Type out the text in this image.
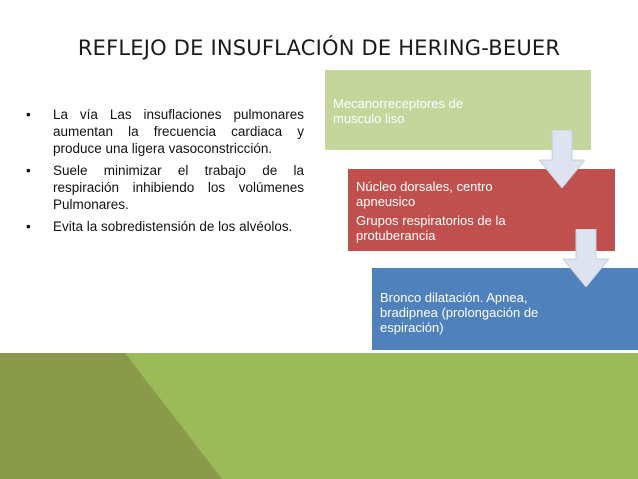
REFLEJO DE INSUFLACIÓN DE HERING-BEUER
• La vía Las insuflaciones pulmonares aumentan la frecuencia cardiaca y produce una ligera vasoconstricción.
• Suele minimizar el trabajo de la respiración inhibiendo los volúmenes Pulmonares.
• Evita la sobredistensión de los alvéolos.
Mecanorreceptores de musculo liso
Núcleo dorsales, centro apneusico
Grupos respiratorios de la protuberancia
Bronco dilatación. Apnea, bradipnea (prolongación de espiración)
